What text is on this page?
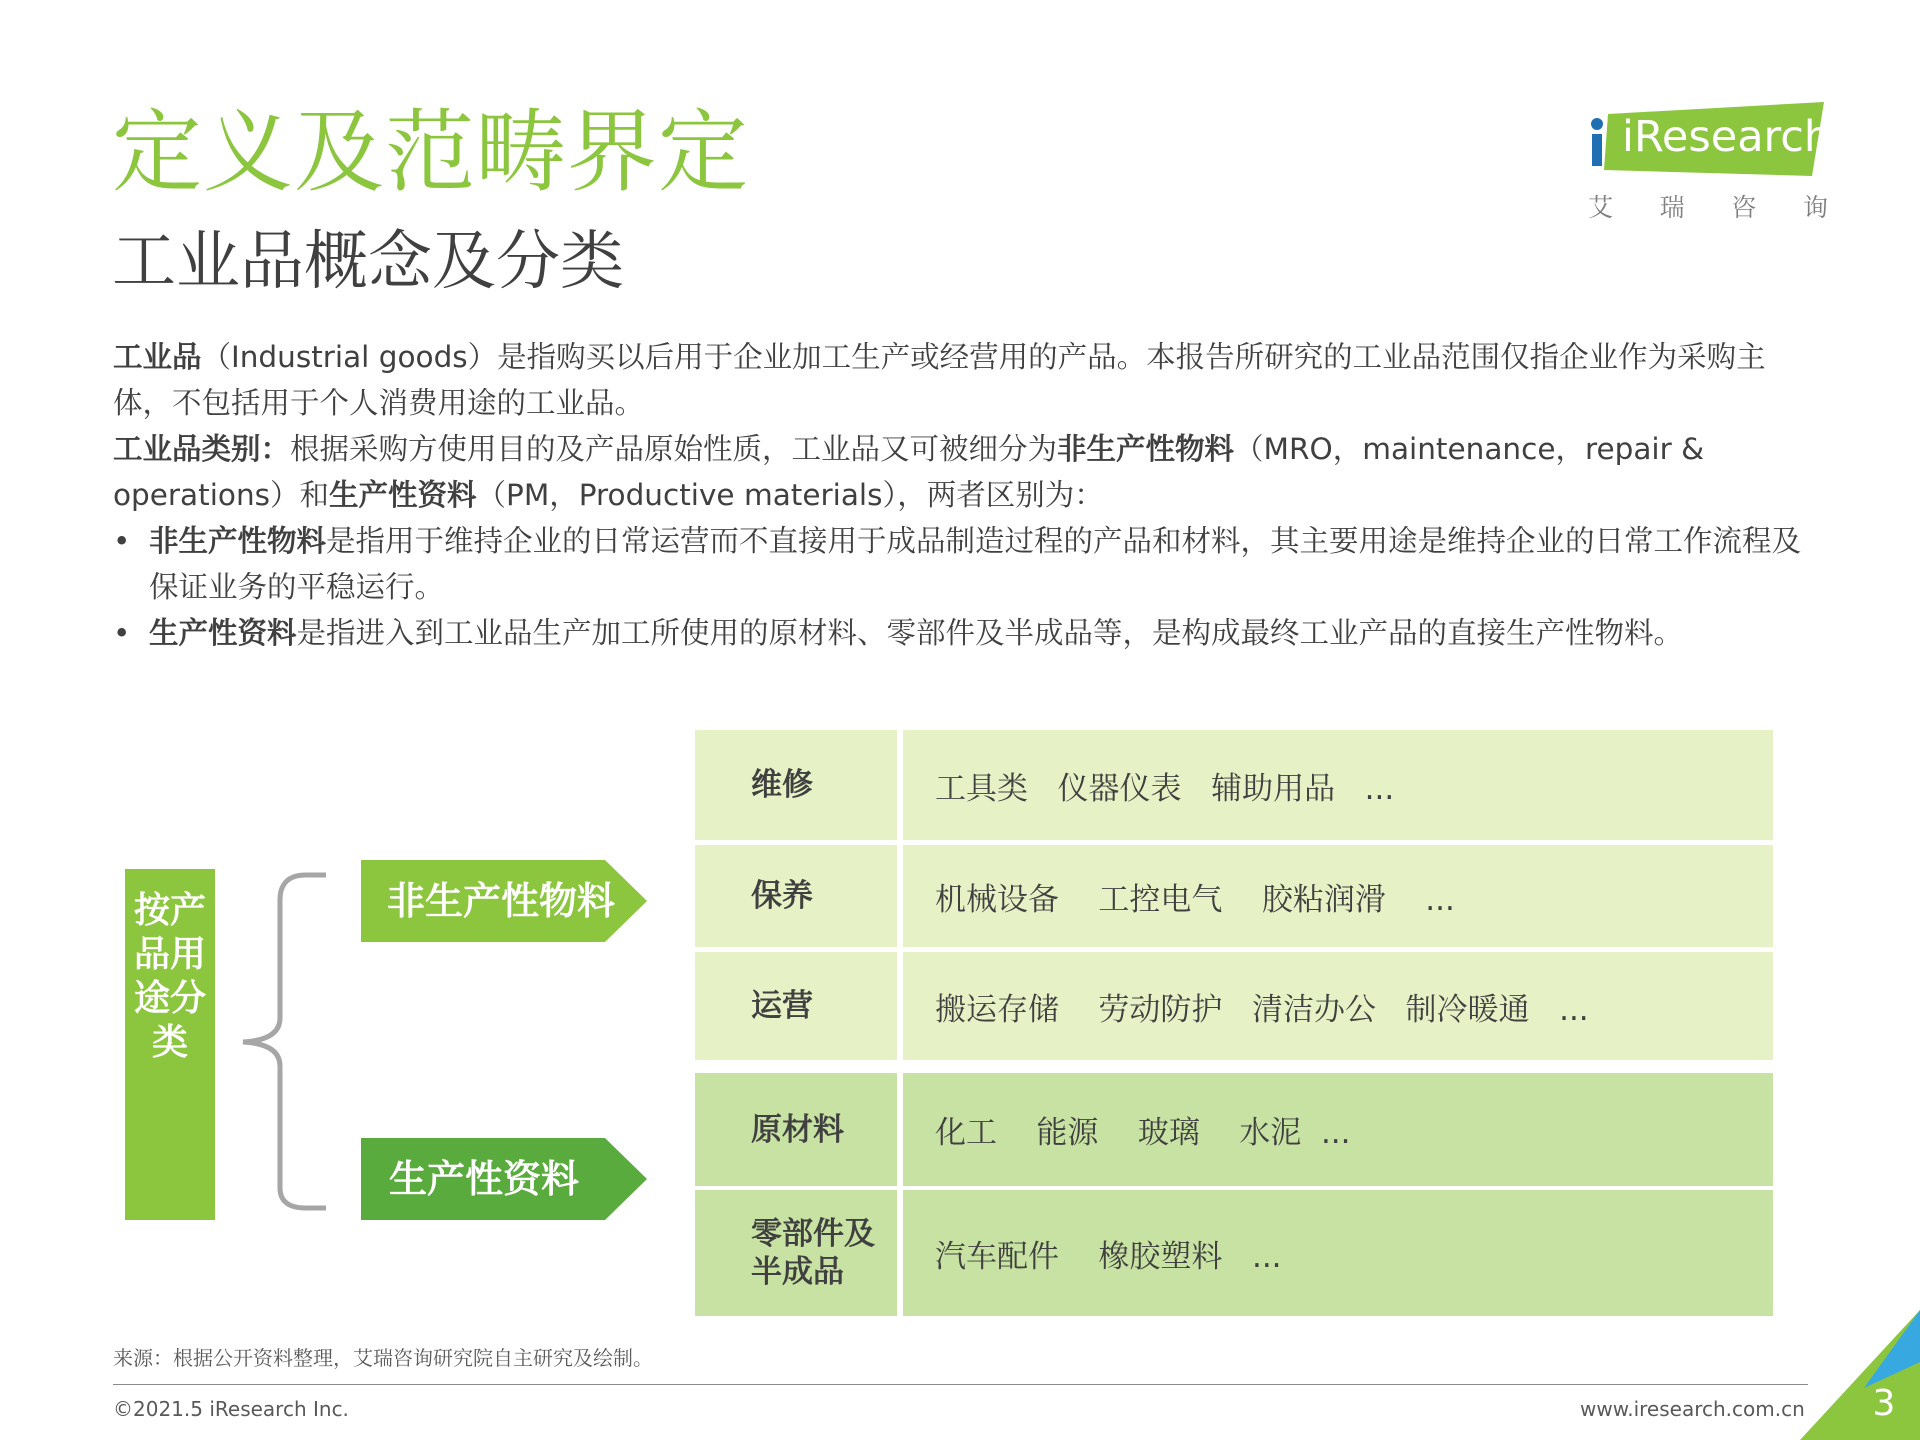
定义及范畴界定
工业品概念及分类
iResearch
艾 瑞 咨 询

工业品（Industrial goods）是指购买以后用于企业加工生产或经营用的产品。本报告所研究的工业品范围仅指企业作为采购主体，不包括用于个人消费用途的工业品。

工业品类别：根据采购方使用目的及产品原始性质，工业品又可被细分为非生产性物料（MRO，maintenance，repair & operations）和生产性资料（PM，Productive materials），两者区别为：

• 非生产性物料是指用于维持企业的日常运营而不直接用于成品制造过程的产品和材料，其主要用途是维持企业的日常工作流程及保证业务的平稳运行。

• 生产性资料是指进入到工业品生产加工所使用的原材料、零部件及半成品等，是构成最终工业产品的直接生产性物料。

按产品用途分类
非生产性物料
生产性资料
维修	工具类   仪器仪表   辅助用品   ...
保养	机械设备    工控电气    胶粘润滑    ...
运营	搬运存储    劳动防护   清洁办公   制冷暖通   ...
原材料	化工    能源    玻璃    水泥  ...
零部件及半成品	汽车配件    橡胶塑料   ...
来源：根据公开资料整理，艾瑞咨询研究院自主研究及绘制。
©2021.5 iResearch Inc.	www.iresearch.com.cn 3
